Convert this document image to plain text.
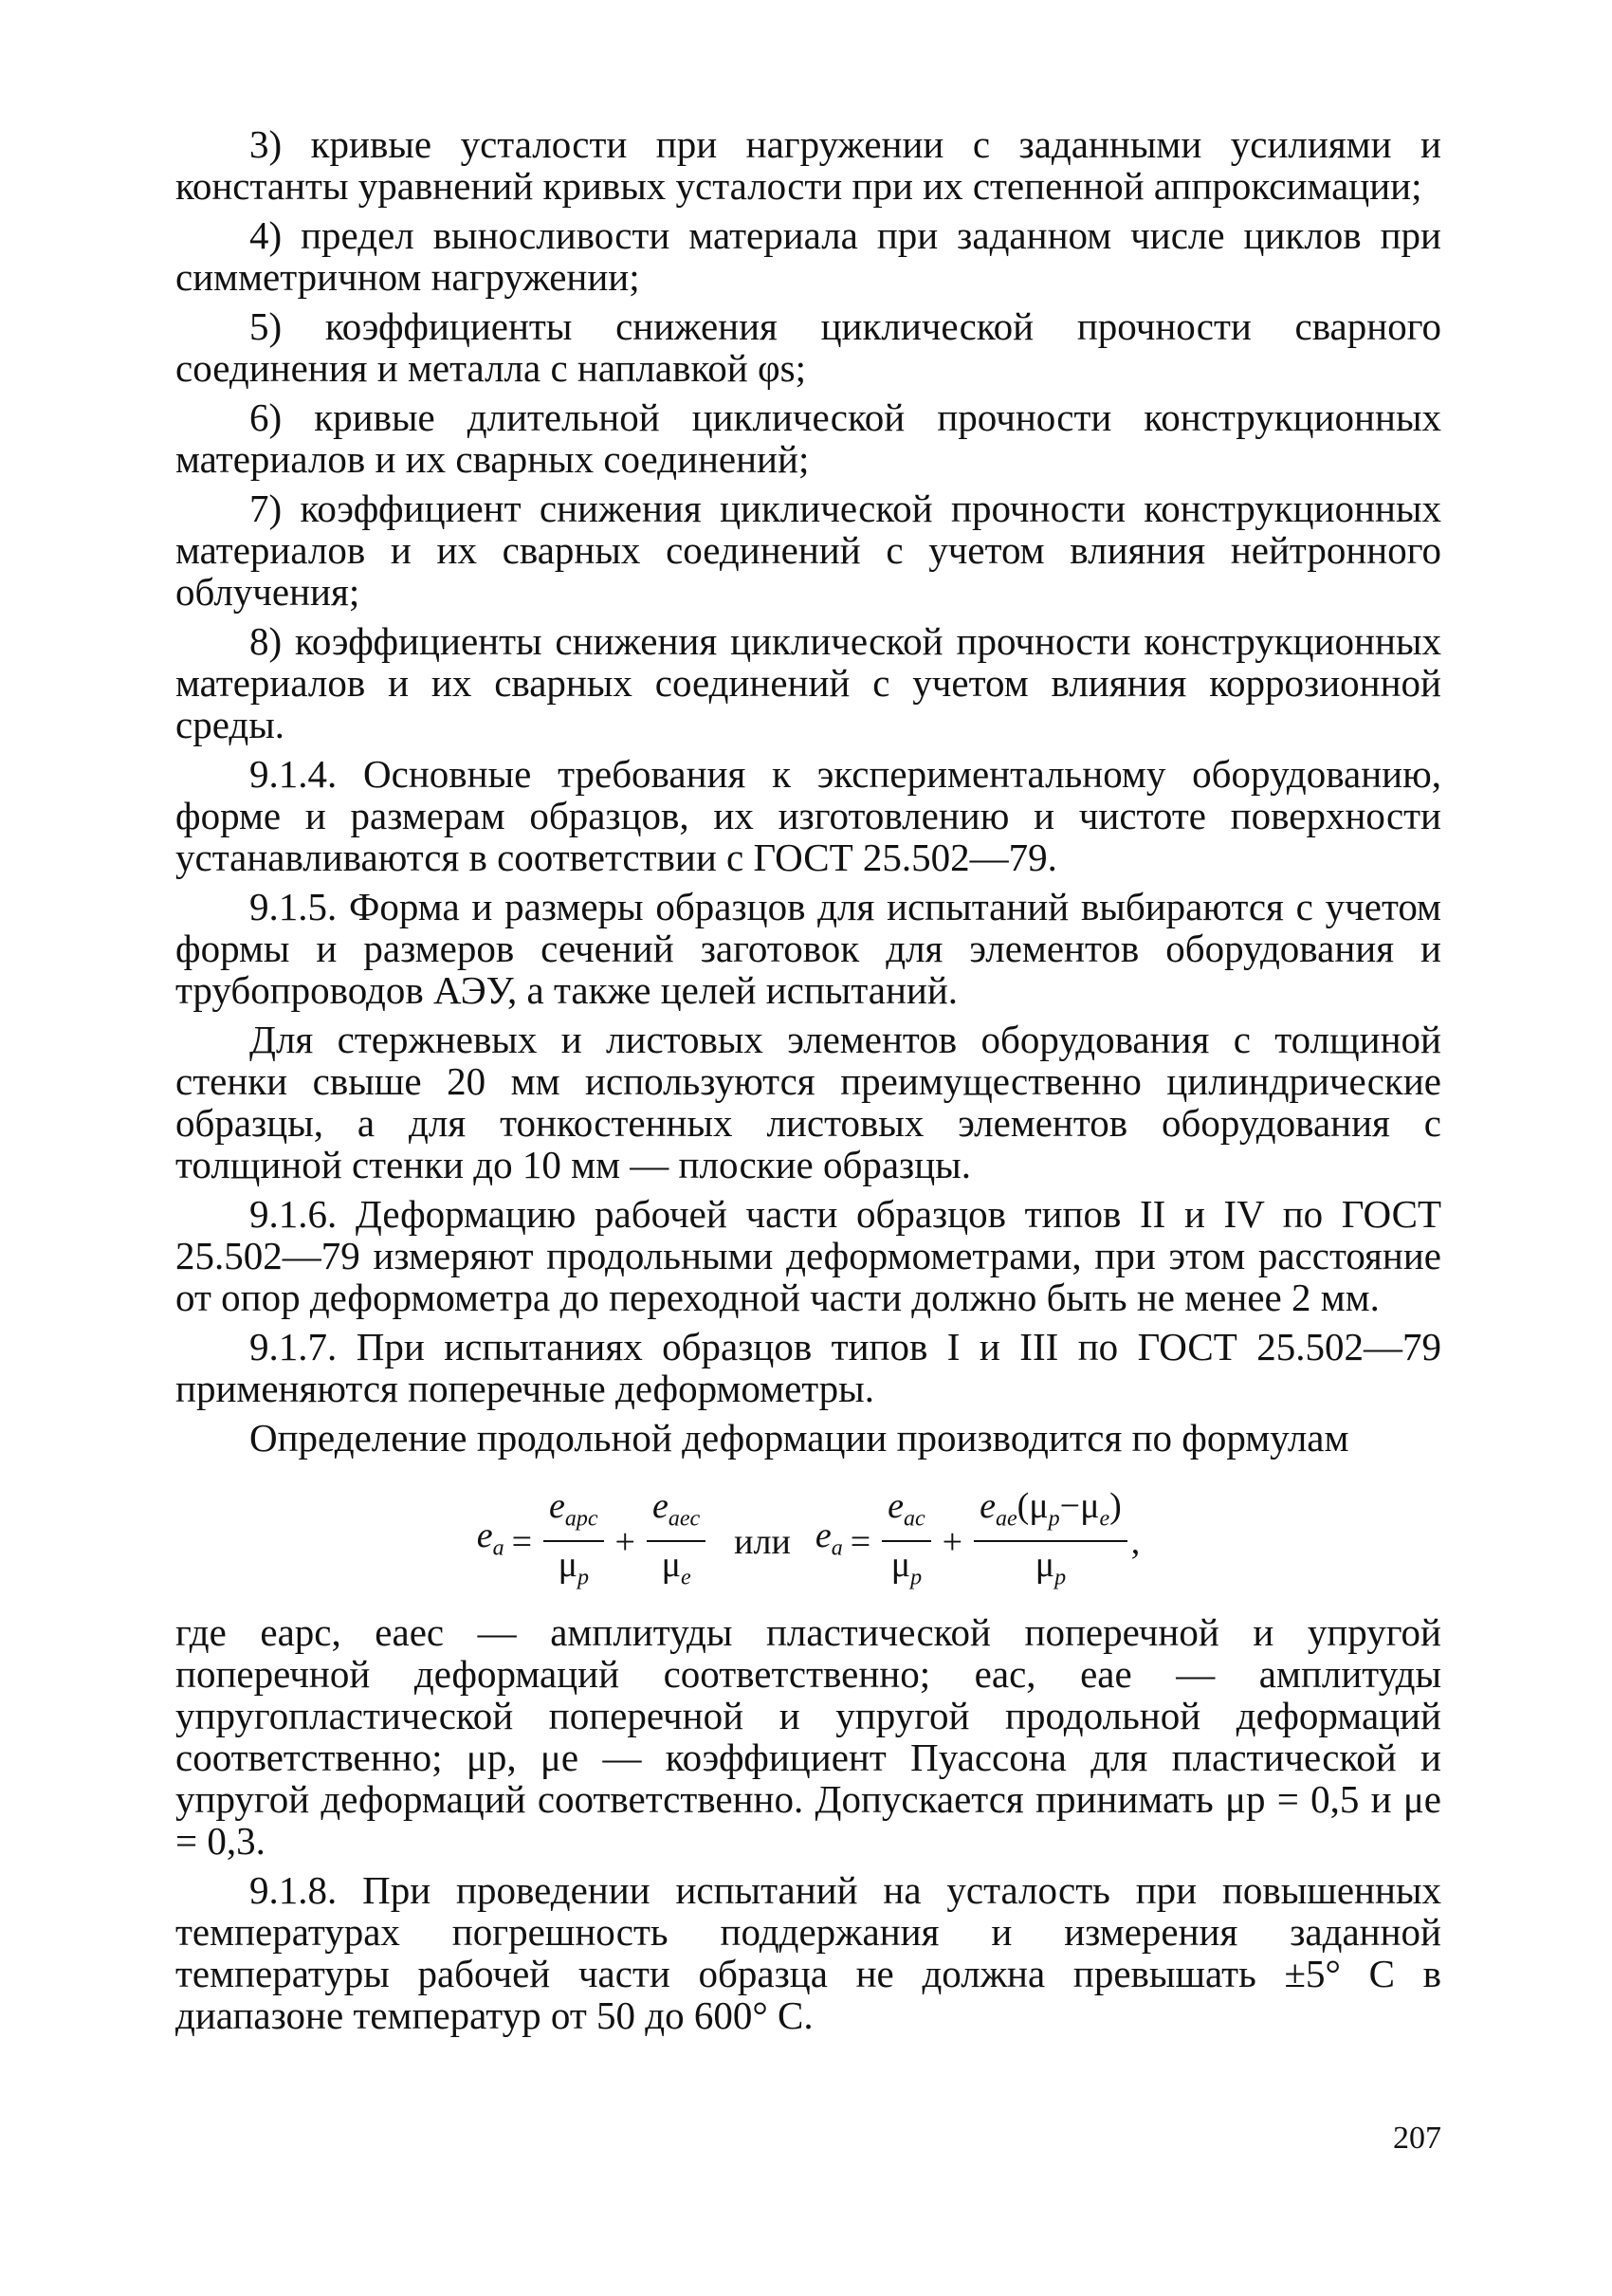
3) кривые усталости при нагружении с заданными усилиями и константы уравнений кривых усталости при их степенной аппроксимации;

4) предел выносливости материала при заданном числе циклов при симметричном нагружении;

5) коэффициенты снижения циклической прочности сварного соединения и металла с наплавкой φs;

6) кривые длительной циклической прочности конструкционных материалов и их сварных соединений;

7) коэффициент снижения циклической прочности конструкционных материалов и их сварных соединений с учетом влияния нейтронного облучения;

8) коэффициенты снижения циклической прочности конструкционных материалов и их сварных соединений с учетом влияния коррозионной среды.

9.1.4. Основные требования к экспериментальному оборудованию, форме и размерам образцов, их изготовлению и чистоте поверхности устанавливаются в соответствии с ГОСТ 25.502—79.

9.1.5. Форма и размеры образцов для испытаний выбираются с учетом формы и размеров сечений заготовок для элементов оборудования и трубопроводов АЭУ, а также целей испытаний.

Для стержневых и листовых элементов оборудования с толщиной стенки свыше 20 мм используются преимущественно цилиндрические образцы, а для тонкостенных листовых элементов оборудования с толщиной стенки до 10 мм — плоские образцы.

9.1.6. Деформацию рабочей части образцов типов II и IV по ГОСТ 25.502—79 измеряют продольными деформометрами, при этом расстояние от опор деформометра до переходной части должно быть не менее 2 мм.

9.1.7. При испытаниях образцов типов I и III по ГОСТ 25.502—79 применяются поперечные деформометры.

Определение продольной деформации производится по формулам

$e_a = \frac{e_{apc}}{\mu_p} + \frac{e_{aec}}{\mu_e}$ или $e_a = \frac{e_{ac}}{\mu_p} + \frac{e_{ae}(\mu_p-\mu_e)}{\mu_p}$ ,

где eapc, eaec — амплитуды пластической поперечной и упругой поперечной деформаций соответственно; eac, eae — амплитуды упругопластической поперечной и упругой продольной деформаций соответственно; μp, μe — коэффициент Пуассона для пластической и упругой деформаций соответственно. Допускается принимать μp = 0,5 и μe = 0,3.

9.1.8. При проведении испытаний на усталость при повышенных температурах погрешность поддержания и измерения заданной температуры рабочей части образца не должна превышать ±5° С в диапазоне температур от 50 до 600° С.

207
